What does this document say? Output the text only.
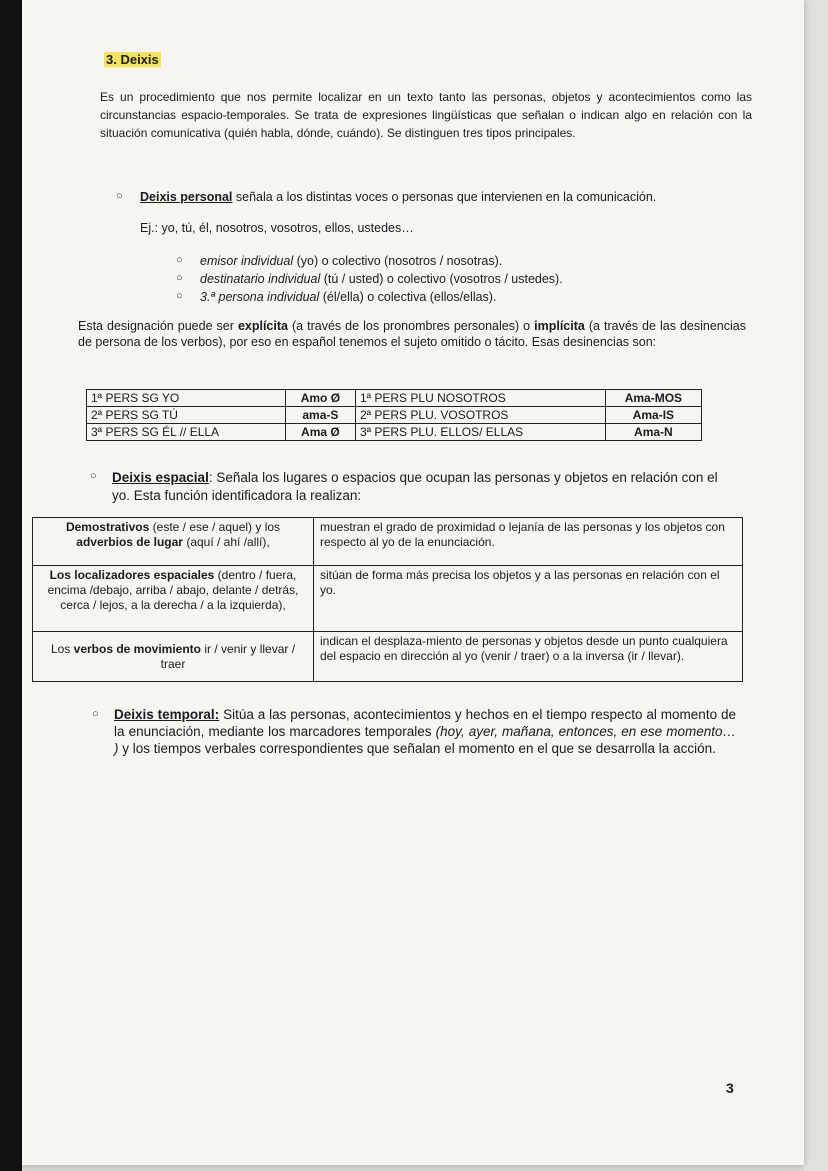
3. Deixis

Es un procedimiento que nos permite localizar en un texto tanto las personas, objetos y acontecimientos como las circunstancias espacio-temporales. Se trata de expresiones lingüísticas que señalan o indican algo en relación con la situación comunicativa (quién habla, dónde, cuándo). Se distinguen tres tipos principales.

○ Deixis personal señala a los distintas voces o personas que intervienen en la comunicación.
Ej.: yo, tú, él, nosotros, vosotros, ellos, ustedes…
○ emisor individual (yo) o colectivo (nosotros / nosotras).
○ destinatario individual (tú / usted) o colectivo (vosotros / ustedes).
○ 3.ª persona individual (él/ella) o colectiva (ellos/ellas).

Esta designación puede ser explícita (a través de los pronombres personales) o implícita (a través de las desinencias de persona de los verbos), por eso en español tenemos el sujeto omitido o tácito. Esas desinencias son:

1ª PERS SG YO	Amo Ø	1ª PERS PLU NOSOTROS	Ama-MOS
2ª PERS SG TÚ	ama-S	2ª PERS PLU. VOSOTROS	Ama-IS
3ª PERS SG ÉL // ELLA	Ama Ø	3ª PERS PLU. ELLOS/ ELLAS	Ama-N
○ Deixis espacial: Señala los lugares o espacios que ocupan las personas y objetos en relación con el yo. Esta función identificadora la realizan:
Demostrativos (este / ese / aquel) y los adverbios de lugar (aquí / ahí /allí),	muestran el grado de proximidad o lejanía de las personas y los objetos con respecto al yo de la enunciación.
Los localizadores espaciales (dentro / fuera, encima /debajo, arriba / abajo, delante / detrás, cerca / lejos, a la derecha / a la izquierda),	sitúan de forma más precisa los objetos y a las personas en relación con el yo.
Los verbos de movimiento ir / venir y llevar / traer	indican el desplaza-miento de personas y objetos desde un punto cualquiera del espacio en dirección al yo (venir / traer) o a la inversa (ir / llevar).
○ Deixis temporal: Sitúa a las personas, acontecimientos y hechos en el tiempo respecto al momento de la enunciación, mediante los marcadores temporales (hoy, ayer, mañana, entonces, en ese momento… ) y los tiempos verbales correspondientes que señalan el momento en el que se desarrolla la acción.

3
